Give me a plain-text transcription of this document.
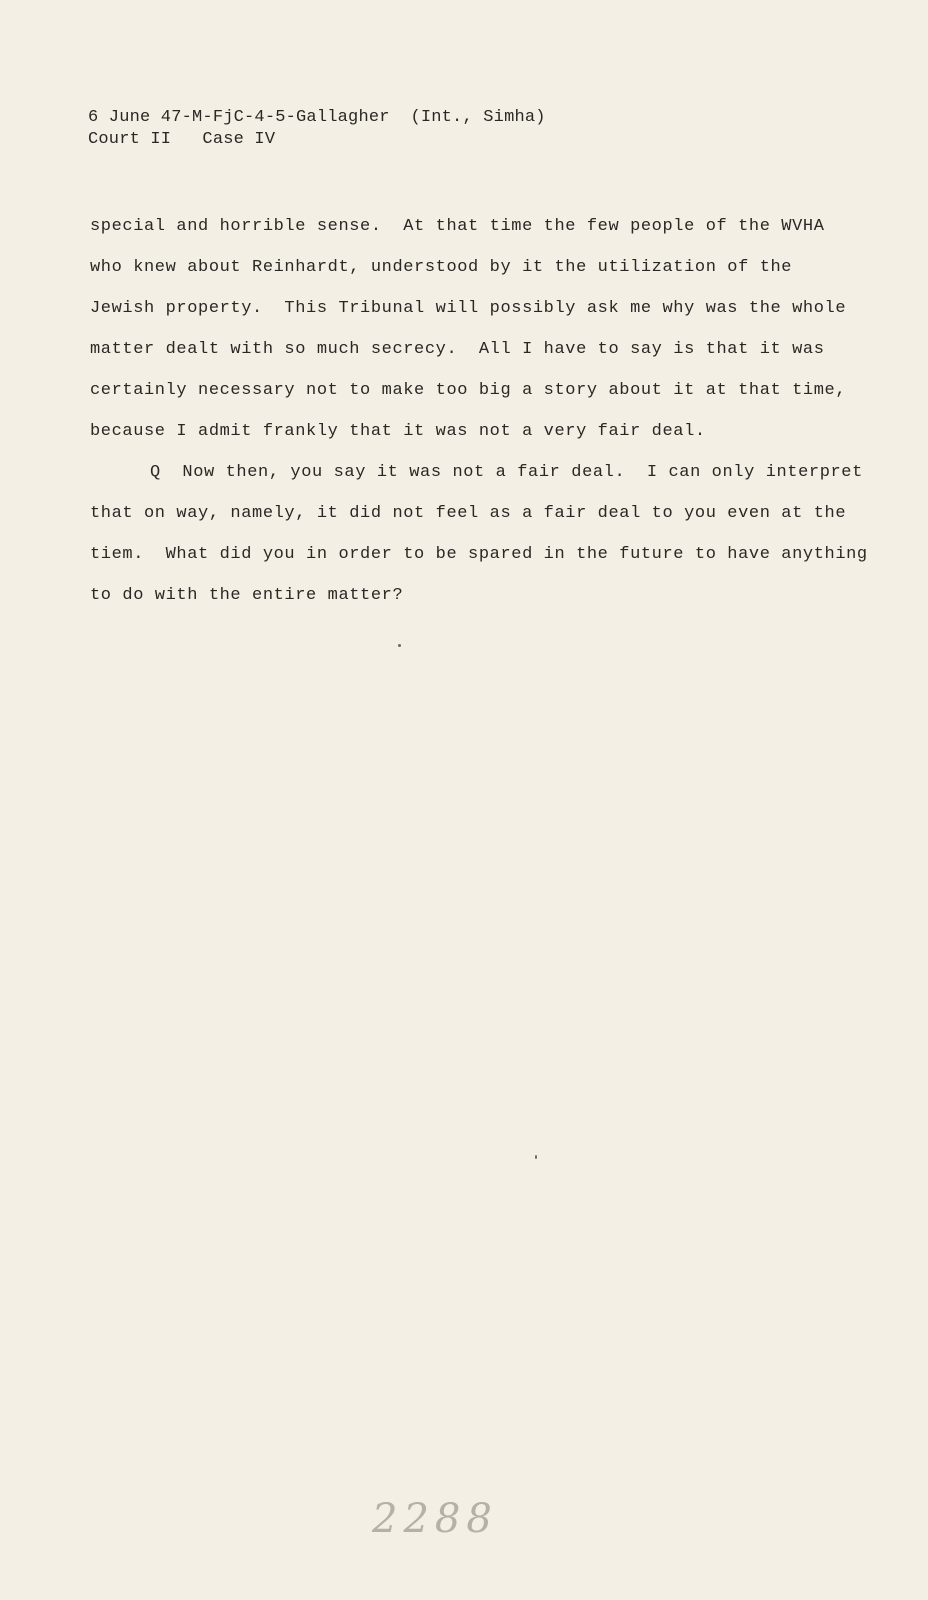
6 June 47-M-FjC-4-5-Gallagher  (Int., Simha)
Court II   Case IV
special and horrible sense.  At that time the few people of the WVHA
who knew about Reinhardt, understood by it the utilization of the
Jewish property.  This Tribunal will possibly ask me why was the whole
matter dealt with so much secrecy.  All I have to say is that it was
certainly necessary not to make too big a story about it at that time,
because I admit frankly that it was not a very fair deal.
Q  Now then, you say it was not a fair deal.  I can only interpret
that on way, namely, it did not feel as a fair deal to you even at the
tiem.  What did you in order to be spared in the future to have anything
to do with the entire matter?
2288
